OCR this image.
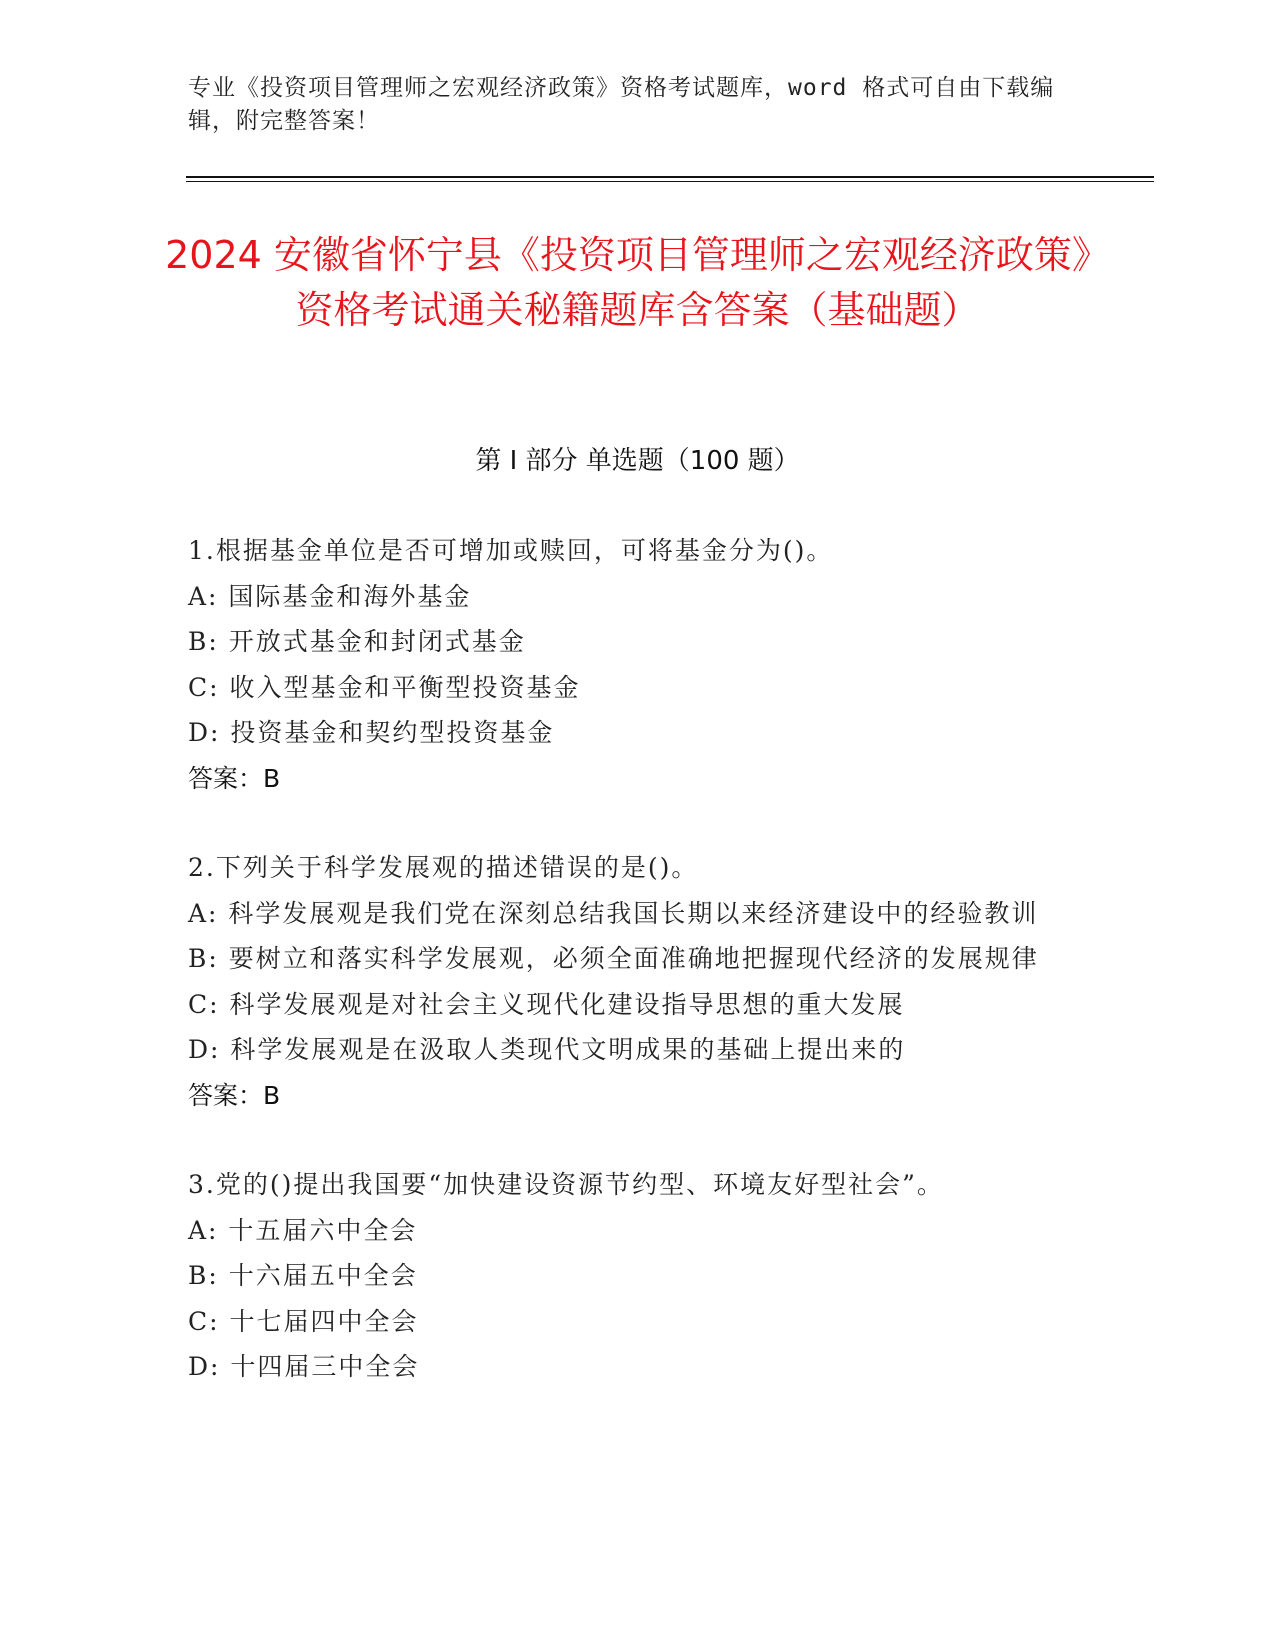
专业《投资项目管理师之宏观经济政策》资格考试题库，word 格式可自由下载编辑，附完整答案！
2024 安徽省怀宁县《投资项目管理师之宏观经济政策》资格考试通关秘籍题库含答案（基础题）
第 I 部分 单选题（100 题）
1.根据基金单位是否可增加或赎回，可将基金分为()。
A: 国际基金和海外基金
B: 开放式基金和封闭式基金
C: 收入型基金和平衡型投资基金
D: 投资基金和契约型投资基金
答案：B
2.下列关于科学发展观的描述错误的是()。
A: 科学发展观是我们党在深刻总结我国长期以来经济建设中的经验教训
B: 要树立和落实科学发展观，必须全面准确地把握现代经济的发展规律
C: 科学发展观是对社会主义现代化建设指导思想的重大发展
D: 科学发展观是在汲取人类现代文明成果的基础上提出来的
答案：B
3.党的()提出我国要“加快建设资源节约型、环境友好型社会”。
A: 十五届六中全会
B: 十六届五中全会
C: 十七届四中全会
D: 十四届三中全会
